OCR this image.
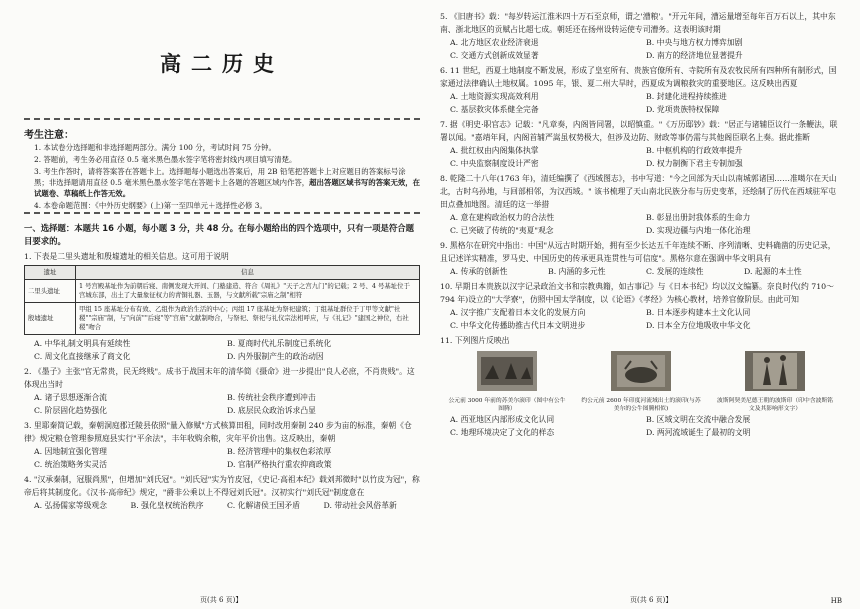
高二历史
考生注意：

1. 本试卷分选择题和非选择题两部分。满分 100 分，考试时间 75 分钟。

2. 答题前，考生务必用直径 0.5 毫米黑色墨水签字笔将密封线内项目填写清楚。

3. 考生作答时，请将答案答在答题卡上。选择题每小题选出答案后，用 2B 铅笔把答题卡上对应题目的答案标号涂黑；非选择题请用直径 0.5 毫米黑色墨水签字笔在答题卡上各题的答题区域内作答，超出答题区域书写的答案无效，在试题卷、草稿纸上作答无效。

4. 本卷命题范围：《中外历史纲要》(上)第一至四单元＋选择性必修 3。

一、选择题：本题共 16 小题，每小题 3 分，共 48 分。在每小题给出的四个选项中，只有一项是符合题目要求的。
1. 下表是二里头遗址和殷墟遗址的相关信息。这可用于说明
遗址	信息
二里头遗址	1 号宫殿基址作为前朝后寝、南侧发现大开间、门塾建造、符合《周礼》"天子之宫九门"的记载；2 号、4 号基址位于宫城东部，出土了大量象征权力的青铜礼器、玉器，与文献所载"宗庙之制"相符
殷墟遗址	甲组 15 座基址分布有致、乙组作为政治生活的中心；丙组 17 座基址为祭祀建筑；丁组基址群位于丁甲等文献"社稷""宗庙"制，与"向前""后寝"等"宫庙"文献制吻合，与祭祀、祭祀与礼仪宗法相呼应，与《礼记》"建国之神位，右社稷"吻合
A. 中华礼制文明具有延续性	B. 夏商时代礼乐制度已系统化
C. 周文化直接继承了商文化	D. 内外服制产生的政治动因
2. 《墨子》主张"官无常贵，民无终贱"。成书于战国末年的清华简《摄命》进一步提出"良人必庶，不肖贵贱"。这体现出当时
A. 诸子思想逐渐合流	B. 传统社会秩序遭到冲击
C. 阶层固化趋势强化	D. 底层民众政治诉求凸显
3. 里耶秦简记载，秦朝洞庭郡迁陵县依照"量入修赋"方式核算田租，同时改用秦制 240 步为亩的标准，秦朝《仓律》规定粮仓管理参照庭县实行"平余法"，丰年收购余粮，灾年平价出售。这反映出，秦朝
A. 因地制宜强化管理	B. 经济管理中的集权色彩浓厚
C. 统治策略务实灵活	D. 官制严格执行重农抑商政策
4. "汉承秦制，冠服尚黑"，但增加"刘氏冠"。"刘氏冠"实为竹皮冠，《史记·高祖本纪》载刘邦微时"以竹皮为冠"，称帝后将其制度化。《汉书·高帝纪》规定，"爵非公乘以上不得冠刘氏冠"。汉初实行"刘氏冠"制度意在
A. 弘扬儒家等级观念	B. 强化皇权统治秩序	C. 化解诸侯王国矛盾	D. 带动社会风俗革新
页(共 6 页)】
5. 《旧唐书》载："每岁转运江淮米四十万石至京师，谓之'漕粮'。"开元年间，漕运量增至每年百万石以上，其中东南、浙北地区的贡赋占比超七成。朝廷还在扬州设转运使专司漕务。这表明该时期
A. 北方地区农业经济衰退	B. 中央与地方权力博弈加剧
C. 交通方式创新成效显著	D. 南方的经济地位显著提升
6. 11 世纪，西夏土地制度不断发展，形成了皇室所有、贵族官僚所有、寺院所有及农牧民所有四种所有制形式，国家通过法律确认土地权属。1095 年，银、夏二州大旱时，西夏成为调粮救灾的重要地区。这反映出西夏
A. 土地资源实现高效利用	B. 封建化进程持续推进
C. 基层救灾体系健全完备	D. 党项贵族特权保障
7. 据《明史·职官志》记载："凡章奏，内阁皆同署，以昭慎重。"《万历邸钞》载："居正与诸辅臣议行一条鞭法，联署以闻。"嘉靖年间，内阁首辅严嵩虽权势极大，但涉及边防、财政等事仍需与其他阁臣联名上奏。据此推断
A. 批红权由内阁集体执掌	B. 中枢机构的行政效率提升
C. 中央监察制度设计严密	D. 权力制衡下君主专制加强
8. 乾隆二十八年(1763 年)，清廷编撰了《西域图志》，书中写道："今之回部为天山以南城郭诸国……准噶尔在天山北，古时乌孙地，与回部相邻，为汉西域。" 该书梳理了天山南北民族分布与历史变革，还绘制了历代在西域驻军屯田点叠加地图。清廷的这一举措
A. 意在建构政治权力的合法性	B. 彰显出册封我体系的生命力
C. 已突破了传统的"夷夏"观念	D. 实现边疆与内地一体化治理
9. 黑格尔在研究中指出：中国"从远古时期开始，拥有至少长达五千年连续不断、序列清晰、史料确凿的历史记录，且记述详实精准，罗马史、中国历史的传承更具连贯性与可信度"。黑格尔意在强调中华文明具有
A. 传承的创新性	B. 内涵的多元性	C. 发展的连续性	D. 起源的本土性
10. 早期日本贵族以汉字记录政治文书和宗教典籍，如古事记》与《日本书纪》均以汉文编纂。奈良时代(约 710～794 年)设立的"大学寮"，仿照中国太学制度，以《论语》《孝经》为核心教材，培养官僚阶层。由此可知
A. 汉字推广支配着日本文化的发展方向	B. 日本逐步构建本土文化认同
C. 中华文化传播助推古代日本文明进步	D. 日本全方位地吸收中华文化
11. 下列图片反映出
公元前 3000 年前的苏美尔滚印（图中有公牛图腾）
约公元前 2600 年印度河流域出土的滚印(与苏美尔的公牛图腾相似)
波斯阿契美尼德王朝的波斯印（印中含波斯铭文及其影响形文字）
A. 西亚地区内部形成文化认同	B. 区域文明在交流中融合发展
C. 地理环境决定了文化的样态	D. 两河流域诞生了最初的文明
页(共 6 页)】	HB
